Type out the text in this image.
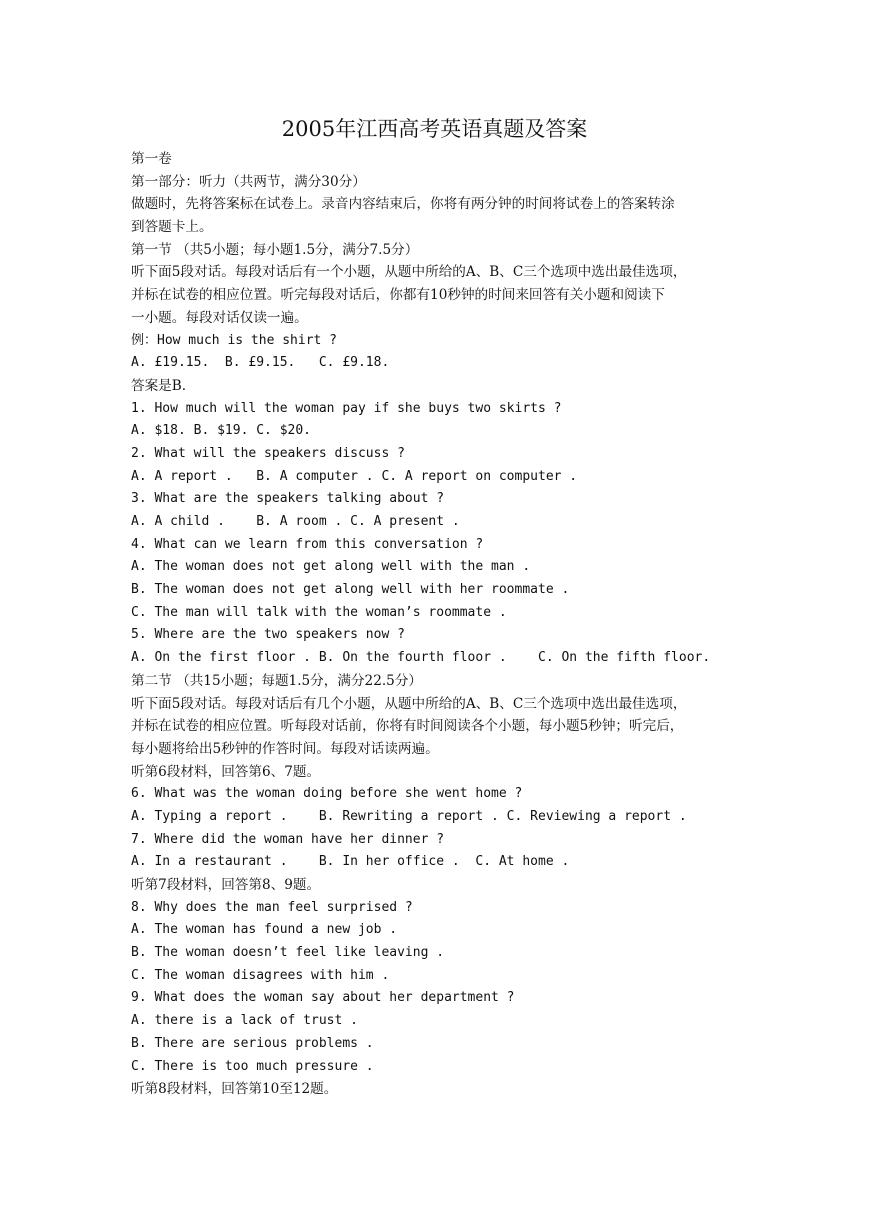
2005年江西高考英语真题及答案
第一卷
第一部分：听力（共两节，满分30分）
做题时，先将答案标在试卷上。录音内容结束后，你将有两分钟的时间将试卷上的答案转涂
到答题卡上。
第一节 （共5小题；每小题1.5分，满分7.5分）
听下面5段对话。每段对话后有一个小题，从题中所给的A、B、C三个选项中选出最佳选项，
并标在试卷的相应位置。听完每段对话后，你都有10秒钟的时间来回答有关小题和阅读下
一小题。每段对话仅读一遍。
例：How much is the shirt ?
A. £19.15.  B. £9.15.   C. £9.18.
答案是B.
1. How much will the woman pay if she buys two skirts ?
A. $18. B. $19. C. $20.
2. What will the speakers discuss ?
A. A report .   B. A computer . C. A report on computer .
3. What are the speakers talking about ?
A. A child .    B. A room . C. A present .
4. What can we learn from this conversation ?
A. The woman does not get along well with the man .
B. The woman does not get along well with her roommate .
C. The man will talk with the woman’s roommate .
5. Where are the two speakers now ?
A. On the first floor . B. On the fourth floor .    C. On the fifth floor.
第二节 （共15小题；每题1.5分，满分22.5分）
听下面5段对话。每段对话后有几个小题，从题中所给的A、B、C三个选项中选出最佳选项，
并标在试卷的相应位置。听每段对话前，你将有时间阅读各个小题，每小题5秒钟；听完后，
每小题将给出5秒钟的作答时间。每段对话读两遍。
听第6段材料，回答第6、7题。
6. What was the woman doing before she went home ?
A. Typing a report .    B. Rewriting a report . C. Reviewing a report .
7. Where did the woman have her dinner ?
A. In a restaurant .    B. In her office .  C. At home .
听第7段材料，回答第8、9题。
8. Why does the man feel surprised ?
A. The woman has found a new job .
B. The woman doesn’t feel like leaving .
C. The woman disagrees with him .
9. What does the woman say about her department ?
A. there is a lack of trust .
B. There are serious problems .
C. There is too much pressure .
听第8段材料，回答第10至12题。
